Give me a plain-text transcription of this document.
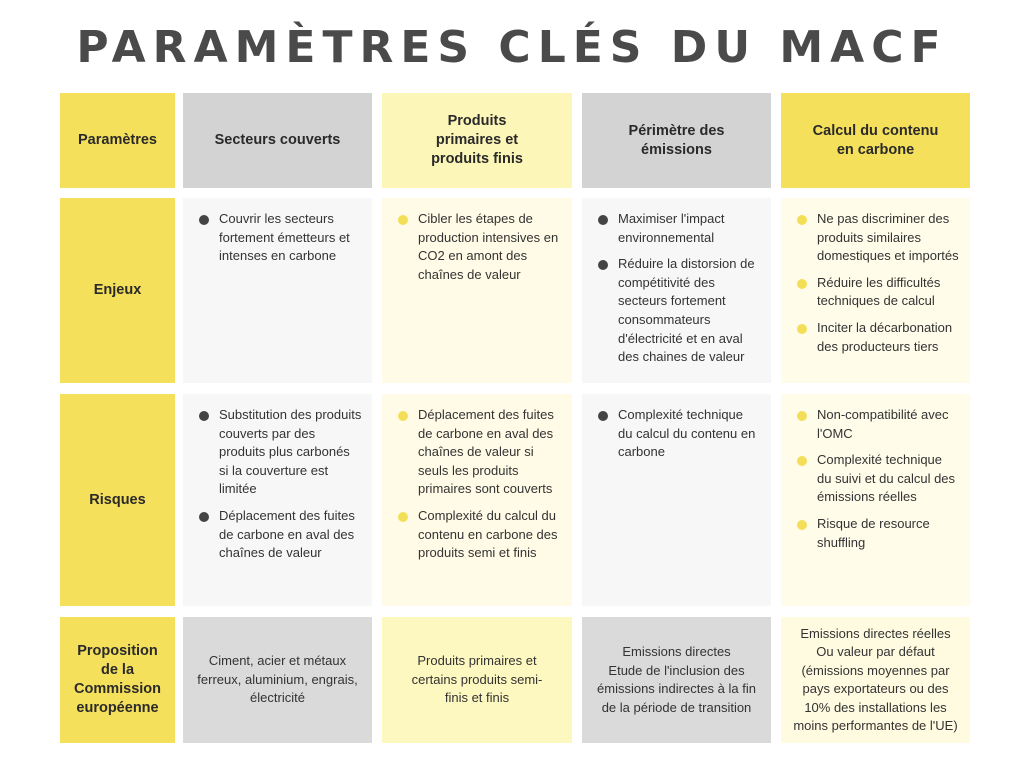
PARAMÈTRES CLÉS DU MACF
Paramètres	Secteurs couverts
Produits primaires et produits finis
Périmètre des émissions
Calcul du contenu en carbone
Enjeux
Couvrir les secteurs fortement émetteurs et intenses en carbone
Cibler les étapes de production intensives en CO2 en amont des chaînes de valeur
Maximiser l'impact environnemental
Réduire la distorsion de compétitivité des secteurs fortement consommateurs d'électricité et en aval des chaines de valeur
Ne pas discriminer des produits similaires domestiques et importés
Réduire les difficultés techniques de calcul
Inciter la décarbonation des producteurs tiers
Risques
Substitution des produits couverts par des produits plus carbonés si la couverture est limitée
Déplacement des fuites de carbone en aval des chaînes de valeur
Déplacement des fuites de carbone en aval des chaînes de valeur si seuls les produits primaires sont couverts
Complexité du calcul du contenu en carbone des produits semi et finis
Complexité technique du calcul du contenu en carbone
Non-compatibilité avec l'OMC
Complexité technique du suivi et du calcul des émissions réelles
Risque de resource shuffling
Proposition de la Commission européenne
Ciment, acier et métaux ferreux, aluminium, engrais, électricité
Produits primaires et certains produits semi-finis et finis
Emissions directes
Etude de l'inclusion des émissions indirectes à la fin de la période de transition
Emissions directes réelles
Ou valeur par défaut (émissions moyennes par pays exportateurs ou des 10% des installations les moins performantes de l'UE)
